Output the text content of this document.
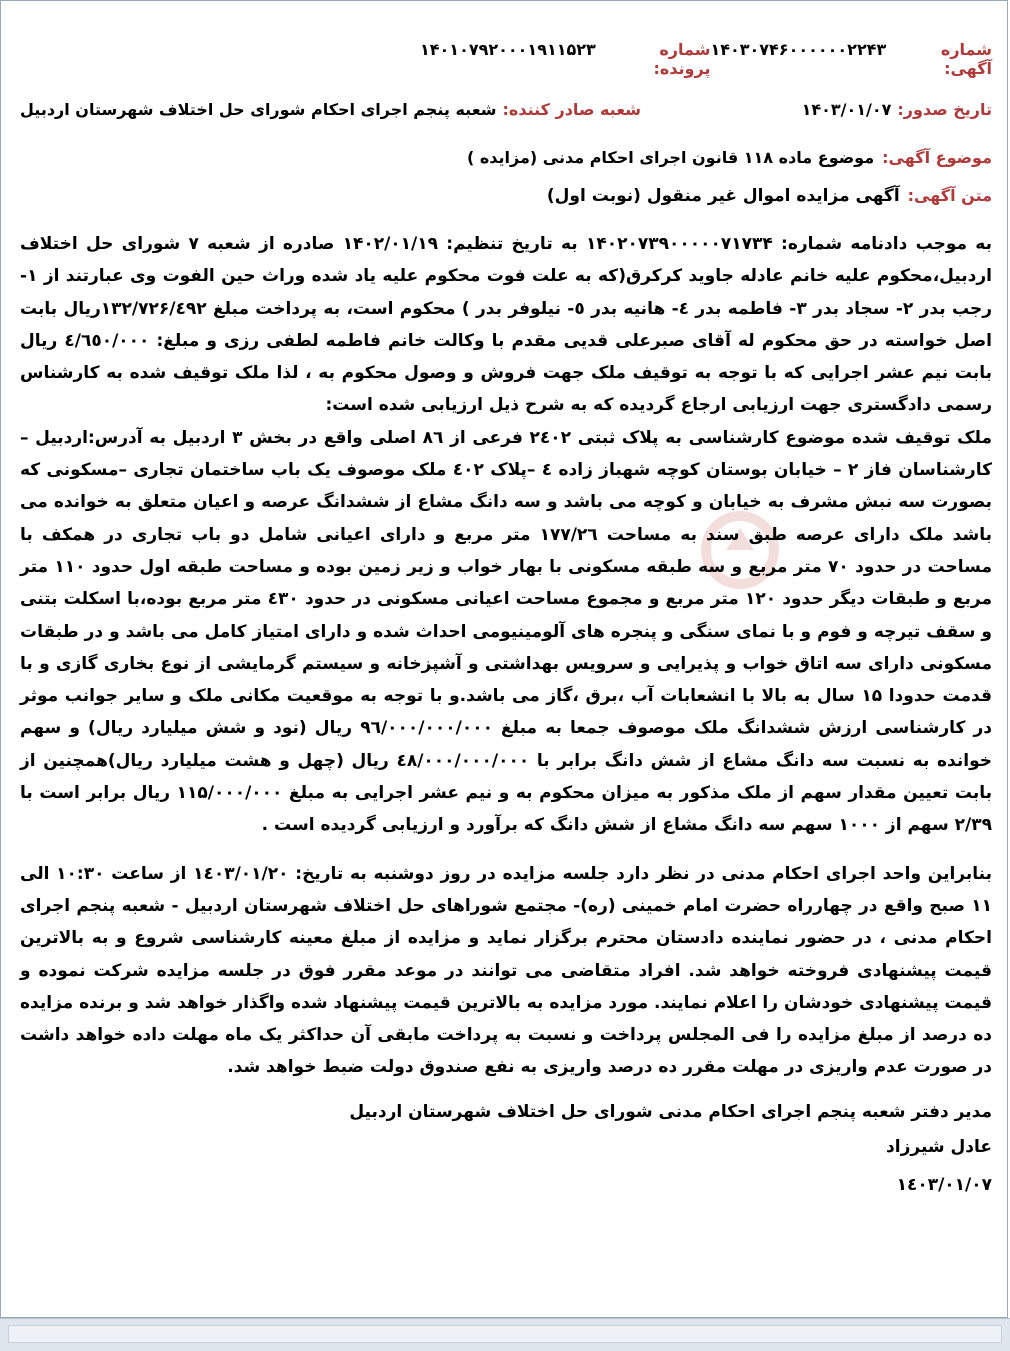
شماره آگهی:
۱۴۰۳۰۷۴۶۰۰۰۰۰۰۲۲۴۳
شماره پرونده:
۱۴۰۱۰۷۹۲۰۰۰۱۹۱۱۵۲۳
تاریخ صدور:
۱۴۰۳/۰۱/۰۷
شعبه صادر کننده:
شعبه پنجم اجرای احکام شورای حل اختلاف شهرستان اردبیل
موضوع آگهی:
موضوع ماده ۱۱۸ قانون اجرای احکام مدنی (مزایده )
متن آگهی:
آگهی مزایده اموال غیر منقول (نوبت اول)

به موجب دادنامه شماره: ۱۴۰۲۰۷۳۹۰۰۰۰۰۷۱۷۳۴ به تاریخ تنظیم: ۱۴۰۲/۰۱/۱۹ صادره از شعبه ۷ شورای حل اختلاف اردبیل،محکوم علیه خانم عادله جاوید کرکرق(که به علت فوت محکوم علیه یاد شده وراث حین الفوت وی عبارتند از ۱- رجب بدر ۲- سجاد بدر ۳- فاطمه بدر ٤- هانیه بدر ٥- نیلوفر بدر ) محکوم است، به پرداخت مبلغ ۱۳۲/۷۲۶/٤۹۲ریال بابت اصل خواسته در حق محکوم له آقای صبرعلی قدیی مقدم با وکالت خانم فاطمه لطفی رزی و مبلغ: ٤/٦٥٠/۰۰۰ ریال بابت نیم عشر اجرایی که با توجه به توقیف ملک جهت فروش و وصول محکوم به ، لذا ملک توقیف شده به کارشناس رسمی دادگستری جهت ارزیابی ارجاع گردیده که به شرح ذیل ارزیابی شده است:

ملک توقیف شده موضوع کارشناسی به پلاک ثبتی ۲٤۰۲ فرعی از ۸٦ اصلی واقع در بخش ۳ اردبیل به آدرس:اردبیل – کارشناسان فاز ۲ – خیابان بوستان کوچه شهباز زاده ٤ –پلاک ٤۰۲ ملک موصوف یک باب ساختمان تجاری –مسکونی که بصورت سه نبش مشرف به خیابان و کوچه می باشد و سه دانگ مشاع از ششدانگ عرصه و اعیان متعلق به خوانده می باشد ملک دارای عرصه طبق سند به مساحت ۱۷۷/۲٦ متر مربع و دارای اعیانی شامل دو باب تجاری در همکف با مساحت در حدود ۷۰ متر مربع و سه طبقه مسکونی با بهار خواب و زیر زمین بوده و مساحت طبقه اول حدود ۱۱۰ متر مربع و طبقات دیگر حدود ۱۲۰ متر مربع و مجموع مساحت اعیانی مسکونی در حدود ٤۳۰ متر مربع بوده،با اسکلت بتنی و سقف تیرچه و فوم و با نمای سنگی و پنجره های آلومینیومی احداث شده و دارای امتیاز کامل می باشد و در طبقات مسکونی دارای سه اتاق خواب و پذیرایی و سرویس بهداشتی و آشپزخانه و سیستم گرمایشی از نوع بخاری گازی و با قدمت حدودا ۱۵ سال به بالا با انشعابات آب ،برق ،گاز می باشد.و با توجه به موقعیت مکانی ملک و سایر جوانب موثر در کارشناسی ارزش ششدانگ ملک موصوف جمعا به مبلغ ۹٦/۰۰۰/۰۰۰/۰۰۰ ریال (نود و شش میلیارد ریال) و سهم خوانده به نسبت سه دانگ مشاع از شش دانگ برابر با ٤۸/۰۰۰/۰۰۰/۰۰۰ ریال (چهل و هشت میلیارد ریال)همچنین از بابت تعیین مقدار سهم از ملک مذکور به میزان محکوم به و نیم عشر اجرایی به مبلغ ۱۱۵/۰۰۰/۰۰۰ ریال برابر است با ۲/۳۹ سهم از ۱۰۰۰ سهم سه دانگ مشاع از شش دانگ که برآورد و ارزیابی گردیده است .

بنابراین واحد اجرای احکام مدنی در نظر دارد جلسه مزایده در روز دوشنبه به تاریخ: ۱٤۰۳/۰۱/۲۰ از ساعت ۱۰:۳۰ الی ۱۱ صبح واقع در چهارراه حضرت امام خمینی (ره)- مجتمع شوراهای حل اختلاف شهرستان اردبیل - شعبه پنجم اجرای احکام مدنی ، در حضور نماینده دادستان محترم برگزار نماید و مزایده از مبلغ معینه کارشناسی شروع و به بالاترین قیمت پیشنهادی فروخته خواهد شد. افراد متقاضی می توانند در موعد مقرر فوق در جلسه مزایده شرکت نموده و قیمت پیشنهادی خودشان را اعلام نمایند. مورد مزایده به بالاترین قیمت پیشنهاد شده واگذار خواهد شد و برنده مزایده ده درصد از مبلغ مزایده را فی المجلس پرداخت و نسبت به پرداخت مابقی آن حداکثر یک ماه مهلت داده خواهد داشت در صورت عدم واریزی در مهلت مقرر ده درصد واریزی به نفع صندوق دولت ضبط خواهد شد.

مدیر دفتر شعبه پنجم اجرای احکام مدنی شورای حل اختلاف شهرستان اردبیل
عادل شیرزاد
۱٤۰۳/۰۱/۰۷
